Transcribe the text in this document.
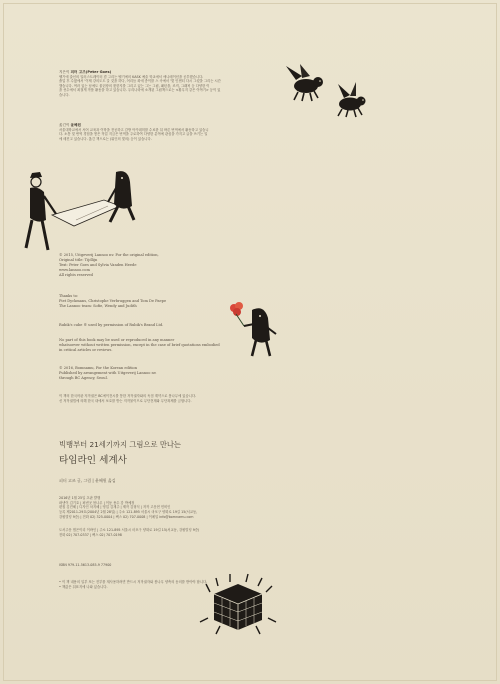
지은이 피터 고즈(Peter Goes)

벨기에 출신의 일러스트레이터 겸 그리는 벨기에의 KASK 예술 학교에서 애니메이션을 공부했습니다.

졸업 후 수많에서 '이제 강의도도 갈 것을 하다, 어리듬 회에 종이를 스 속에서 '몇 인센티 다시 그렸을 그리는 시간

했습니다. 여러 있는 남에도 물던장의 찾한지를 그리고 있는 그는 그림, 패턴을, 조직, 그래픽 등 다양한 이

을 선수에서 최절게 작품 활동을 하고 있습니다. 우리나라에 소개된 그림책으로는 <황무지 같은 이야기> 등이 있

습니다.

옮긴이 윤혜원

서울대학교에서 서어 교육과 이학을 전공하고 감방 아카데미를 수료한 뒤 바른 번역에서 활동하고 있습니

다. 소통 및 번역 경험을 쌓은 작업 지금은 번역을 주로하여 다양한 분야에 관심을 가지고 글을 쓰기는 일

에 매진고 있습니다. 옮긴 책으로는 (위인의 빛의) 등이 있습니다.

© 2015, Uitgeverij Lannoo nv. For the original edition,

Original title: Tijdlijn

Text: Peter Goes and Sylvia Vanden Heede

www.lannoo.com

All rights reserved

Thanks to:

Piet Dyckmans, Christophe Verbruggen and Tom De Paepe

The Lannoo team: Sofie, Wendy and Judith

Rubik's cube ® used by permission of Rubik's Brand Ltd.

No part of this book may be used or reproduced in any manner

whatsoever without written permission, except in the case of brief quotations embodied

in critical articles or reviews.

© 2016, Bomnamu, For the Korean edition

Published by arrangement with Uitgeverij Lannoo nv.

through BC Agency, Seoul.

이 책의 한국어판 저작권은 BC에이전시를 통한 저작권자와의 독점 계약으로 봄나무에 있습니다.

신 저작권법에 의해 한국 내에서 보호를 받는 저작물이므로 무단전재와 무단복제를 금합니다.

빅뱅부터 21세기까지 그림으로 만나는
타임라인 세계사
피터 고즈 글, 그림 | 윤혜원 옮김

2016년 1월 25일 초판 발행

펴낸이 김기호 | 펴낸곳 봄나무 | 이동 용수 감 박예정

편집 김진혜 | 디자인 차지혜 | 영업 김재주 | 제작 김형식 | 저작 고문현 민비인

등록 제2011-29호(2004년 2월 28일) | 주소 121-895 서울시 마포구 양화로 19길 15(서교동,

강원빌딩 9층) | 전화 02) 325-0004 | 팩스 02) 707-0008 | 이메일 info@bomnamu.com

도서주문 범은이리 이바인 | 주소 121-895 서울시 마포구 양화로 19길 15(서교동, 강원빌딩 9층)

전화 02) 707-0337 | 팩스 02) 707-0198

ISBN 979-11-5613-085-9 77900

• 이 책 내용의 일부 또는 전부를 재사용하려면 반드시 저작권자와 봄나무 양측의 동의를 받아야 합니다.

• 책값은 뒤표지에 나와 있습니다.
